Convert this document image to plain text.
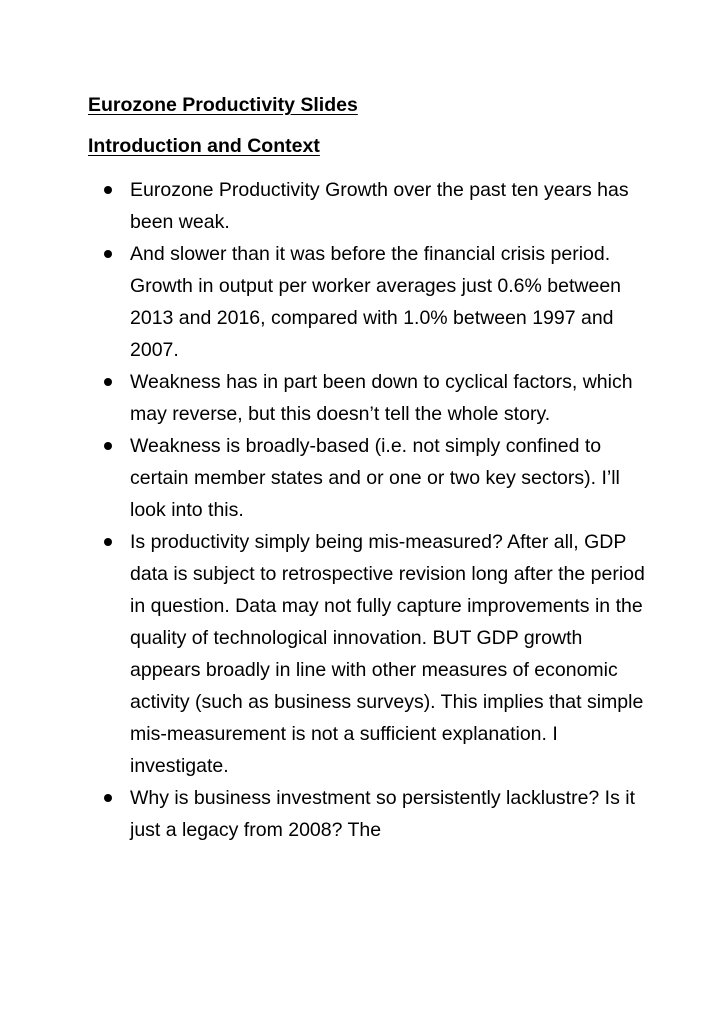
Eurozone Productivity Slides

Introduction and Context

Eurozone Productivity Growth over the past ten years has been weak.
And slower than it was before the financial crisis period. Growth in output per worker averages just 0.6% between 2013 and 2016, compared with 1.0% between 1997 and 2007.
Weakness has in part been down to cyclical factors, which may reverse, but this doesn’t tell the whole story.
Weakness is broadly-based (i.e. not simply confined to certain member states and or one or two key sectors). I’ll look into this.
Is productivity simply being mis-measured? After all, GDP data is subject to retrospective revision long after the period in question. Data may not fully capture improvements in the quality of technological innovation. BUT GDP growth appears broadly in line with other measures of economic activity (such as business surveys). This implies that simple mis-measurement is not a sufficient explanation. I investigate.
Why is business investment so persistently lacklustre? Is it just a legacy from 2008? The
